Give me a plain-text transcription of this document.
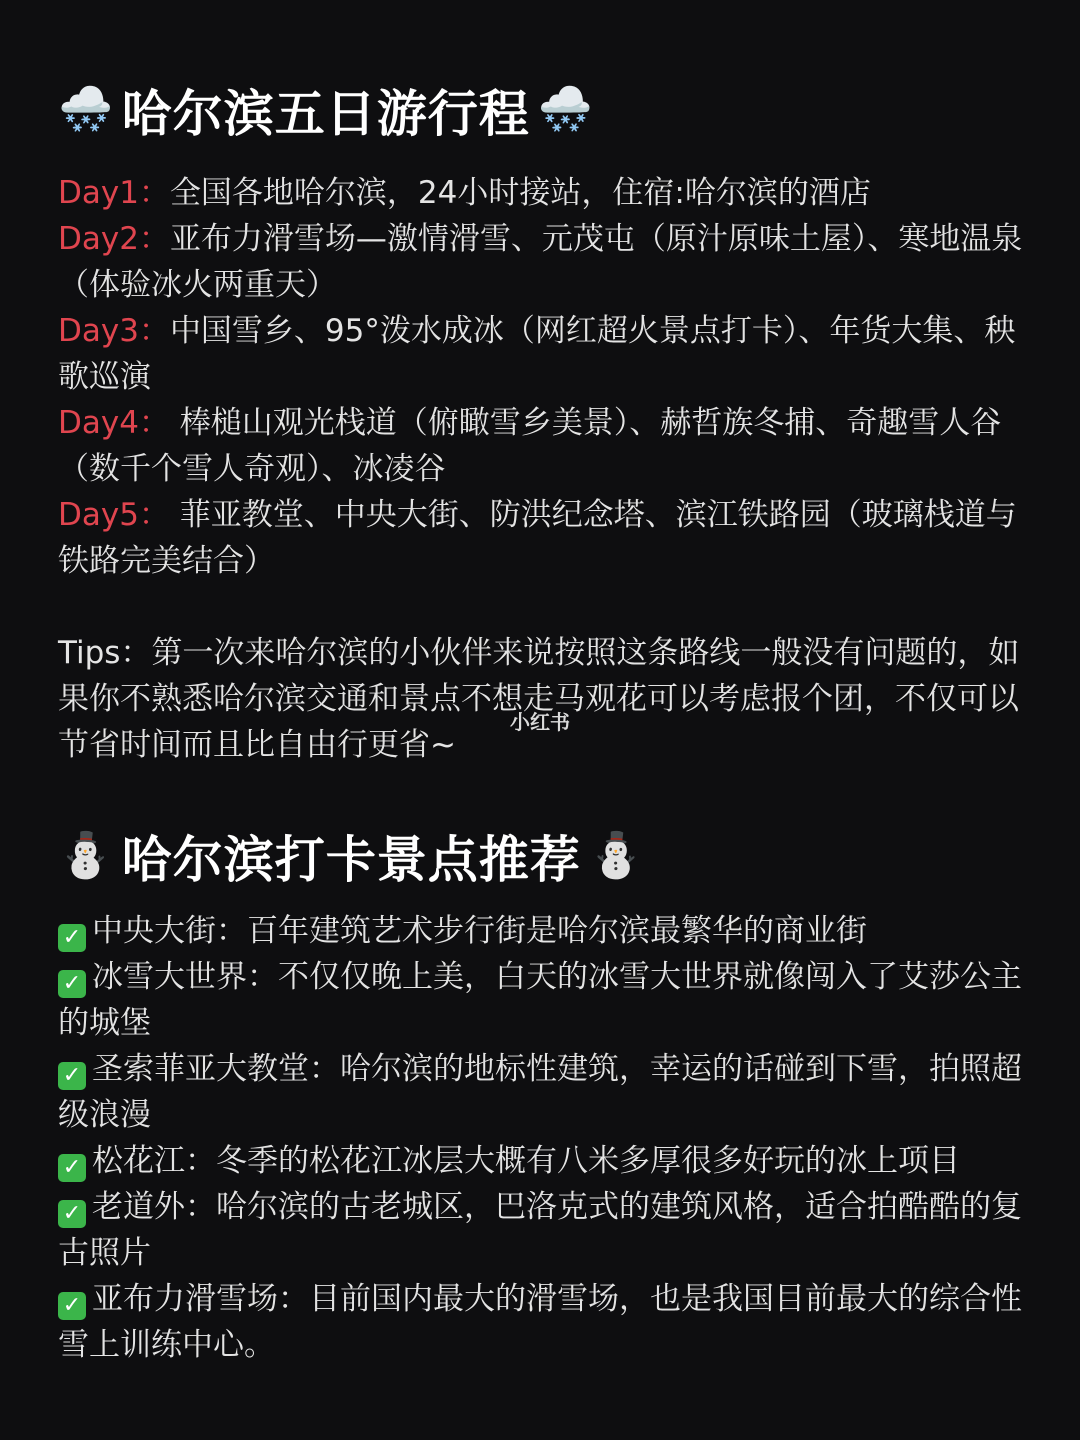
🌨️ 哈尔滨五日游行程 🌨️

Day1：全国各地哈尔滨，24小时接站，住宿:哈尔滨的酒店

Day2：亚布力滑雪场—激情滑雪、元茂屯（原汁原味土屋）、寒地温泉（体验冰火两重天）

Day3：中国雪乡、95°泼水成冰（网红超火景点打卡）、年货大集、秧歌巡演

Day4： 棒槌山观光栈道（俯瞰雪乡美景）、赫哲族冬捕、奇趣雪人谷（数千个雪人奇观）、冰凌谷

Day5： 菲亚教堂、中央大街、防洪纪念塔、滨江铁路园（玻璃栈道与铁路完美结合）

Tips：第一次来哈尔滨的小伙伴来说按照这条路线一般没有问题的，如果你不熟悉哈尔滨交通和景点不想走马观花可以考虑报个团，不仅可以节省时间而且比自由行更省~

⛄ 哈尔滨打卡景点推荐 ⛄

✓ 中央大街：百年建筑艺术步行街是哈尔滨最繁华的商业街

✓ 冰雪大世界：不仅仅晚上美，白天的冰雪大世界就像闯入了艾莎公主的城堡

✓ 圣索菲亚大教堂：哈尔滨的地标性建筑，幸运的话碰到下雪，拍照超级浪漫

✓ 松花江：冬季的松花江冰层大概有八米多厚很多好玩的冰上项目

✓ 老道外：哈尔滨的古老城区，巴洛克式的建筑风格，适合拍酷酷的复古照片

✓ 亚布力滑雪场：目前国内最大的滑雪场，也是我国目前最大的综合性雪上训练中心。

小红书
